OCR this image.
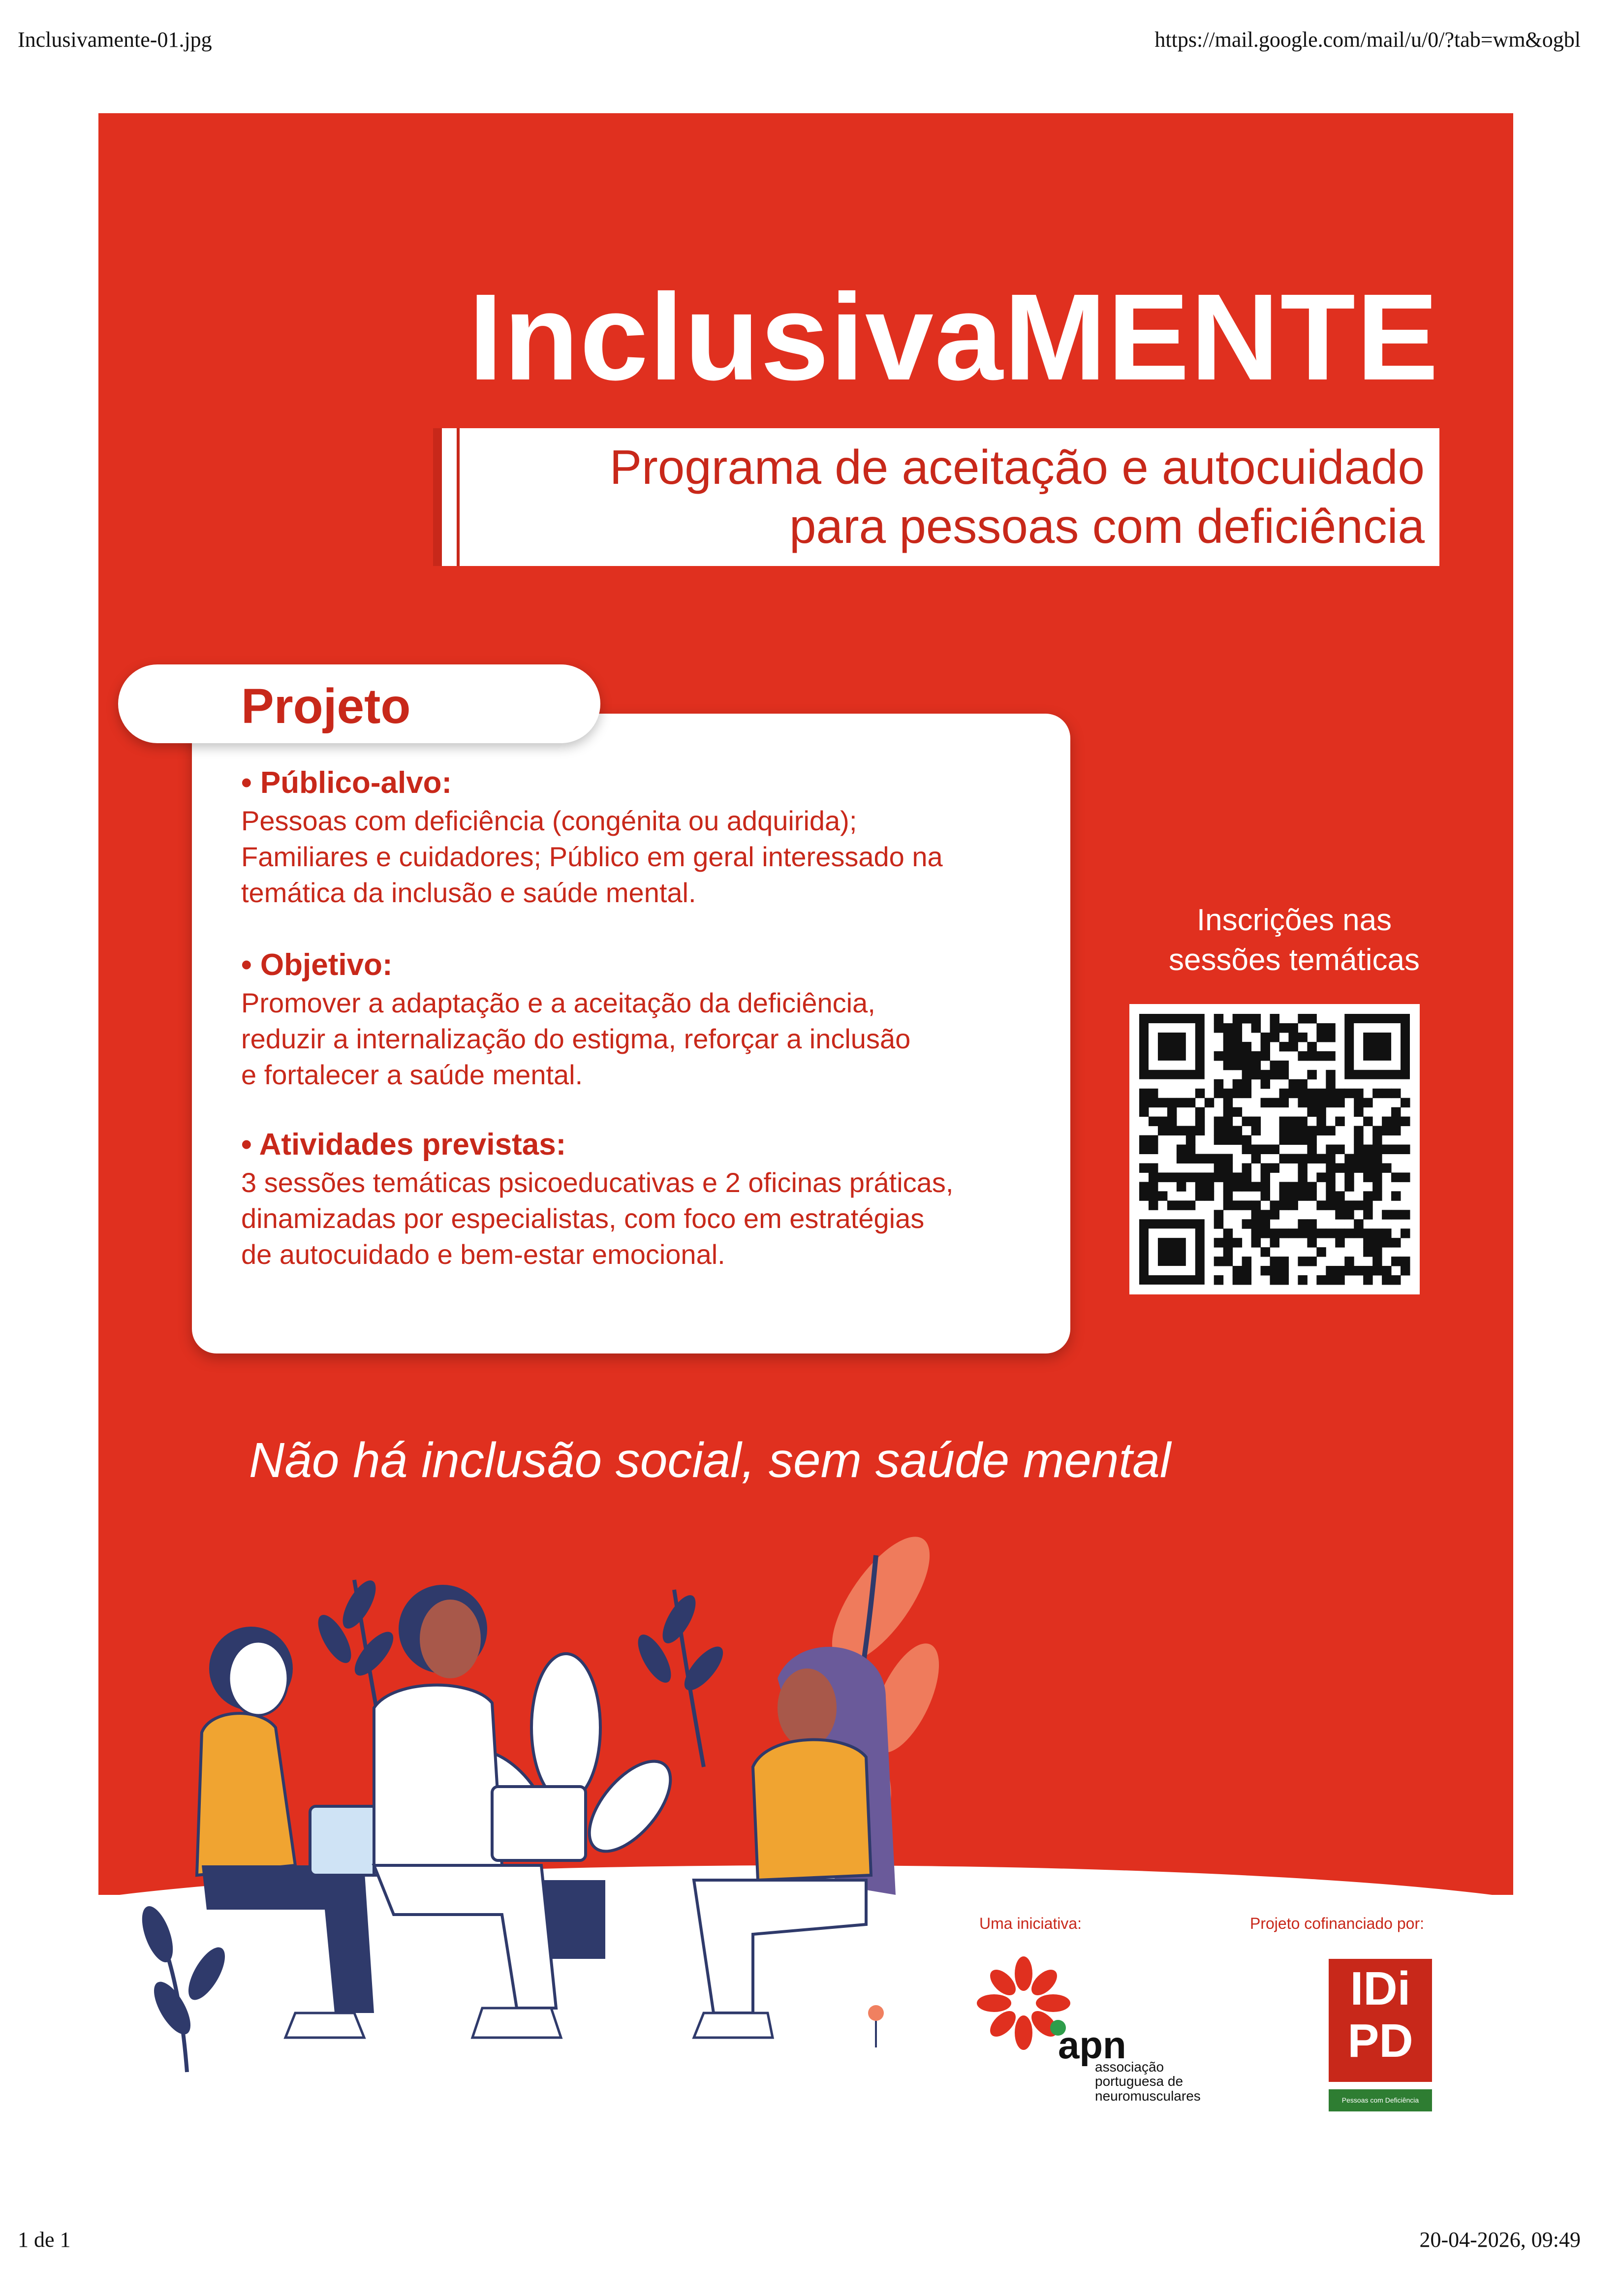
Inclusivamente-01.jpg	https://mail.google.com/mail/u/0/?tab=wm&ogbl
InclusivaMENTE
Programa de aceitação e autocuidado
para pessoas com deficiência
Projeto
• Público-alvo:
Pessoas com deficiência (congénita ou adquirida);
Familiares e cuidadores; Público em geral interessado na
temática da inclusão e saúde mental.
• Objetivo:
Promover a adaptação e a aceitação da deficiência,
reduzir a internalização do estigma, reforçar a inclusão
e fortalecer a saúde mental.
• Atividades previstas:
3 sessões temáticas psicoeducativas e 2 oficinas práticas,
dinamizadas por especialistas, com foco em estratégias
de autocuidado e bem-estar emocional.
Inscrições nas
sessões temáticas
Não há inclusão social, sem saúde mental
Uma iniciativa:	Projeto cofinanciado por:
apn
associação
portuguesa de
neuromusculares
IDi
PD
Pessoas com Deficiência
1 de 1	20-04-2026, 09:49
